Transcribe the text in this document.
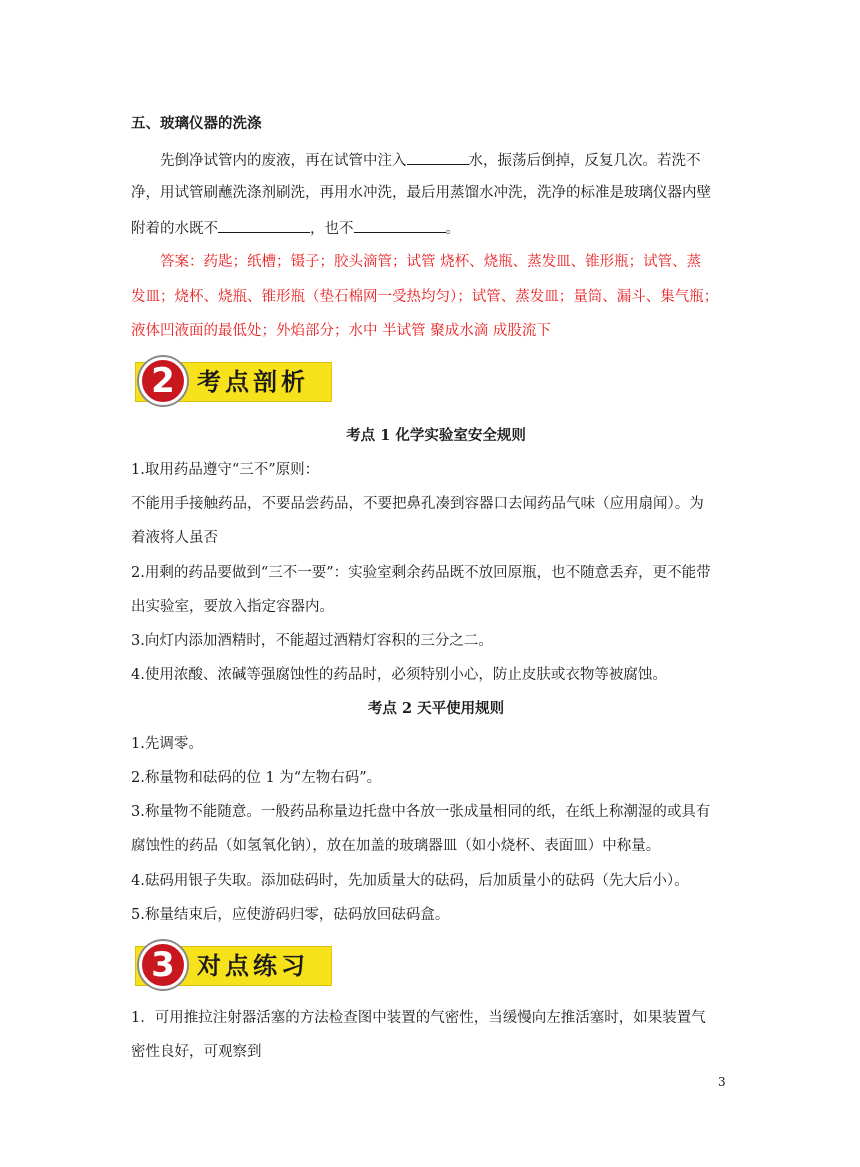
五、玻璃仪器的洗涤
先倒净试管内的废液，再在试管中注入	水，振荡后倒掉，反复几次。若洗不
净，用试管刷蘸洗涤剂刷洗，再用水冲洗，最后用蒸馏水冲洗，洗净的标准是玻璃仪器内壁
附着的水既不	，也不	。
答案：药匙；纸槽；镊子；胶头滴管；试管 烧杯、烧瓶、蒸发皿、锥形瓶；试管、蒸
发皿；烧杯、烧瓶、锥形瓶（垫石棉网一受热均匀）；试管、蒸发皿；量筒、漏斗、集气瓶；
液体凹液面的最低处；外焰部分；水中 半试管 聚成水滴 成股流下
2 考点剖析
考点 1 化学实验室安全规则
1.取用药品遵守“三不”原则：
不能用手接触药品，不要品尝药品，不要把鼻孔凑到容器口去闻药品气味（应用扇闻）。为
着液将人虽否
2.用剩的药品要做到“三不一要”：实验室剩余药品既不放回原瓶，也不随意丢弃，更不能带
出实验室，要放入指定容器内。
3.向灯内添加酒精时，不能超过酒精灯容积的三分之二。
4.使用浓酸、浓碱等强腐蚀性的药品时，必须特别小心，防止皮肤或衣物等被腐蚀。
考点 2 天平使用规则
1.先调零。
2.称量物和砝码的位 1 为“左物右码”。
3.称量物不能随意。一般药品称量边托盘中各放一张成量相同的纸，在纸上称潮湿的或具有
腐蚀性的药品（如氢氧化钠），放在加盖的玻璃器皿（如小烧杯、表面皿）中称量。
4.砝码用银子失取。添加砝码时，先加质量大的砝码，后加质量小的砝码（先大后小）。
5.称量结束后，应使游码归零，砝码放回砝码盒。
3 对点练习
1．可用推拉注射器活塞的方法检查图中装置的气密性，当缓慢向左推活塞时，如果装置气
密性良好，可观察到
3
